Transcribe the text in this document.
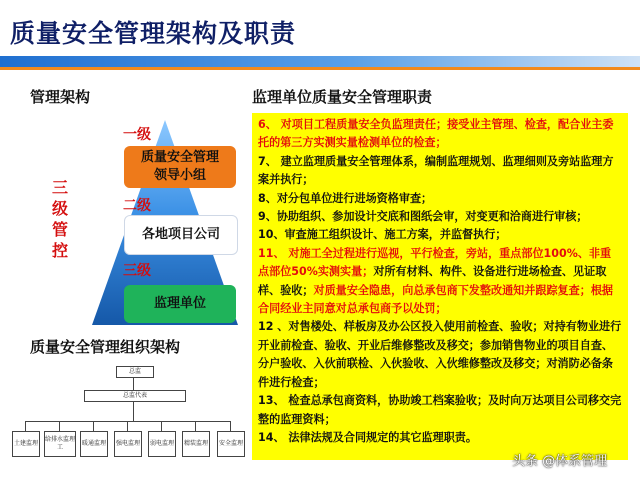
质量安全管理架构及职责
管理架构	监理单位质量安全管理职责
三
级
管
控
一级
二级
三级
质量安全管理领导小组
各地项目公司
监理单位
质量安全管理组织架构
总监
总监代表
土建监理
给排水监理工
暖通监理 强电监理 弱电监理 精装监理 安全监理

6、 对项目工程质量安全负监理责任；接受业主管理、检查，配合业主委托的第三方实测实量检测单位的检查；

7、 建立监理质量安全管理体系，编制监理规划、监理细则及旁站监理方案并执行；

8、对分包单位进行进场资格审查；

9、协助组织、参加设计交底和图纸会审，对变更和洽商进行审核；

10、审查施工组织设计、施工方案，并监督执行；

11、 对施工全过程进行巡视，平行检查，旁站，重点部位100%、非重点部位50%实测实量；对所有材料、构件、设备进行进场检查、见证取样、验收；对质量安全隐患，向总承包商下发整改通知并跟踪复查；根据合同经业主同意对总承包商予以处罚；

12 、对售楼处、样板房及办公区投入使用前检查、验收；对持有物业进行开业前检查、验收、开业后维修整改及移交；参加销售物业的项目自查、分户验收、入伙前联检、入伙验收、入伙维修整改及移交；对消防必备条件进行检查；

13、 检查总承包商资料，协助竣工档案验收；及时向万达项目公司移交完整的监理资料；

14、 法律法规及合同规定的其它监理职责。

头条 @体系管理
